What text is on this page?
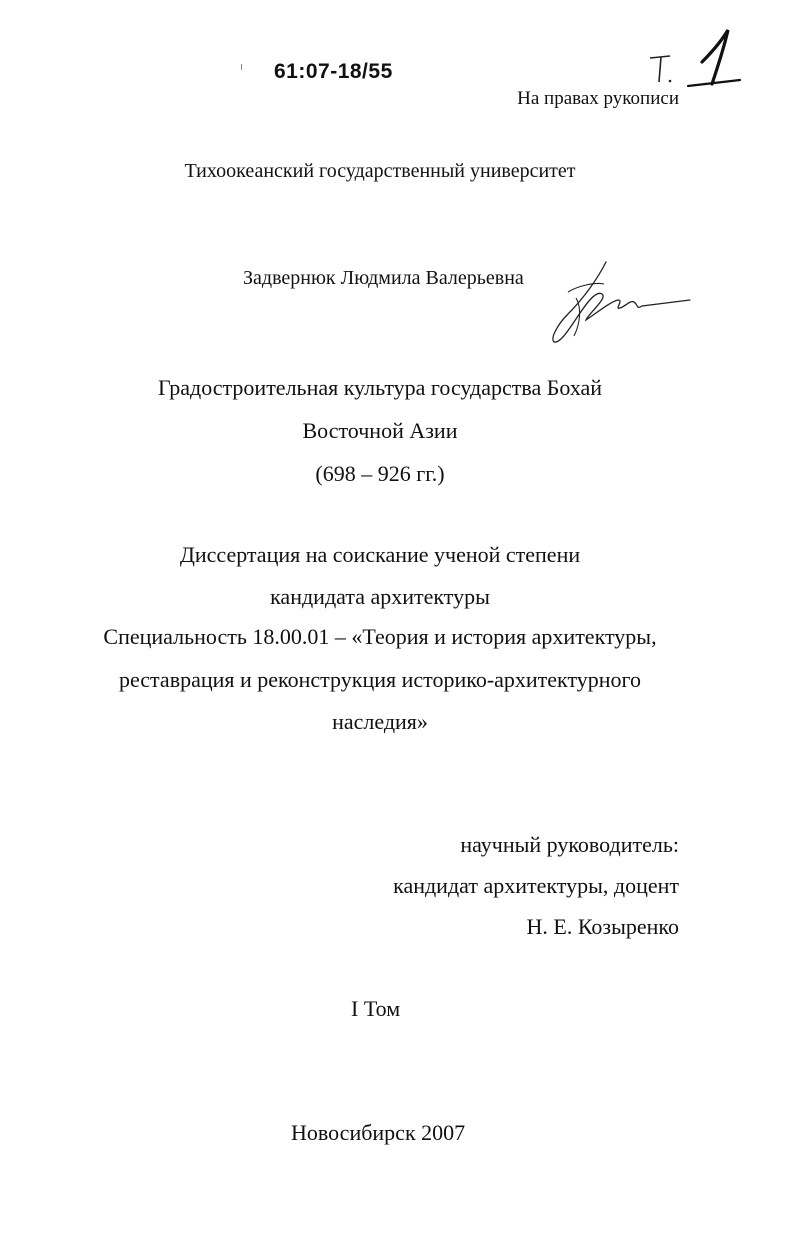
61:07-18/55
На правах рукописи
Тихоокеанский государственный университет
Задвернюк Людмила Валерьевна
Градостроительная культура государства Бохай
Восточной Азии
(698 – 926 гг.)
Диссертация на соискание ученой степени
кандидата архитектуры
Специальность 18.00.01 – «Теория и история архитектуры,
реставрация и реконструкция историко-архитектурного
наследия»
научный руководитель:
кандидат архитектуры, доцент
Н. Е. Козыренко
I Том
Новосибирск 2007
